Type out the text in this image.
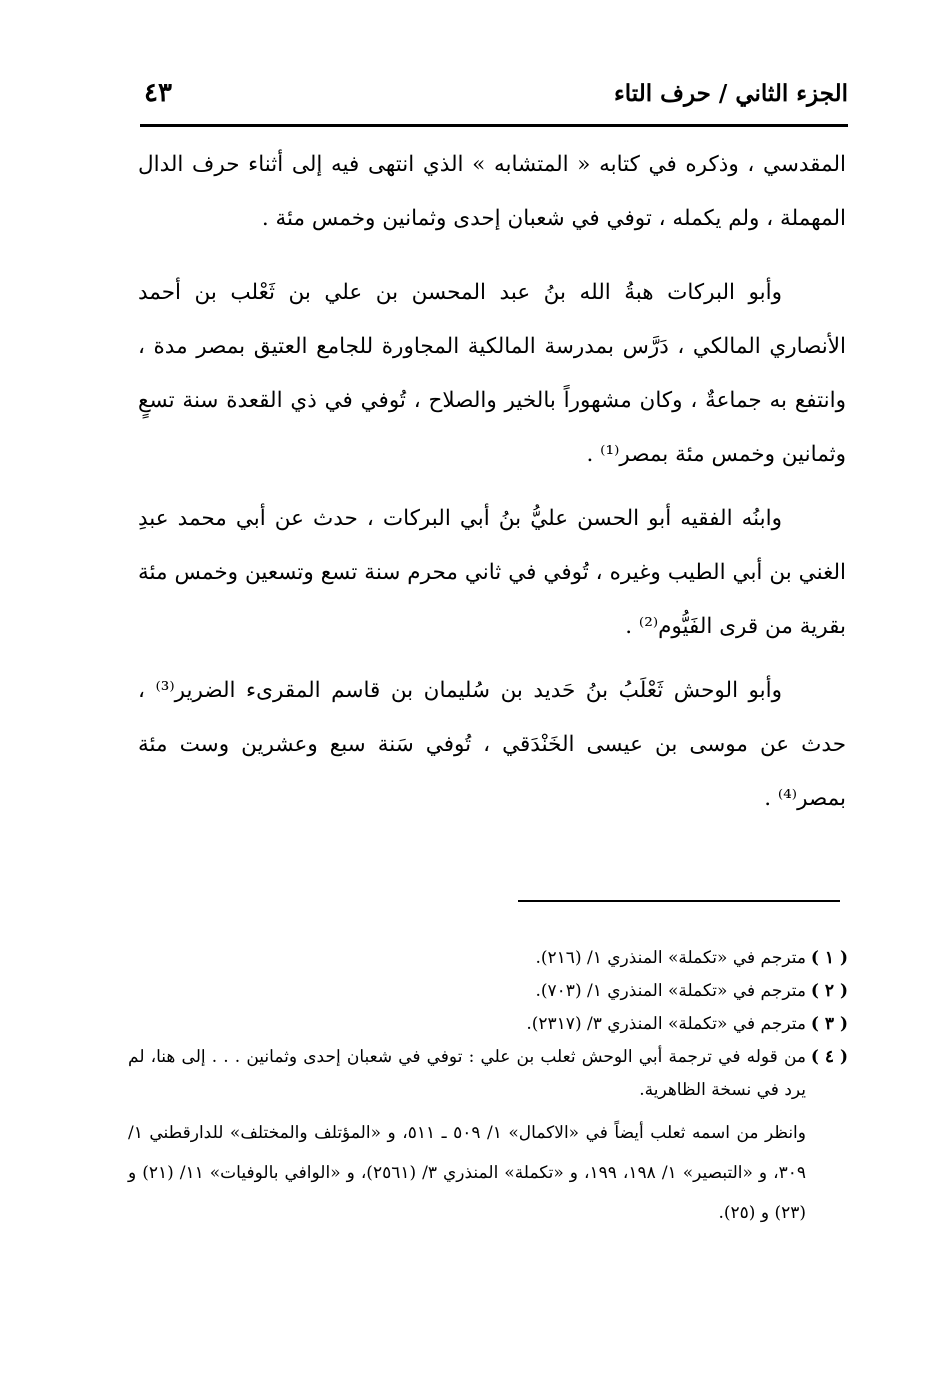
الجزء الثاني / حرف التاء
٤٣

المقدسي ، وذكره في كتابه « المتشابه » الذي انتهى فيه إلى أثناء حرف الدال المهملة ، ولم يكمله ، توفي في شعبان إحدى وثمانين وخمس مئة .

وأبو البركات هبةُ الله بنُ عبد المحسن بن علي بن ثَعْلب بن أحمد الأنصاري المالكي ، دَرَّس بمدرسة المالكية المجاورة للجامع العتيق بمصر مدة ، وانتفع به جماعةٌ ، وكان مشهوراً بالخير والصلاح ، تُوفي في ذي القعدة سنة تسعٍ وثمانين وخمس مئة بمصر⁽¹⁾ .

وابنُه الفقيه أبو الحسن عليُّ بنُ أبي البركات ، حدث عن أبي محمد عبدِ الغني بن أبي الطيب وغيره ، تُوفي في ثاني محرم سنة تسع وتسعين وخمس مئة بقرية من قرى الفَيُّوم⁽²⁾ .

وأبو الوحش ثَعْلَبُ بنُ حَديد بن سُليمان بن قاسم المقرىء الضرير⁽³⁾ ، حدث عن موسى بن عيسى الخَنْدَقي ، تُوفي سَنة سبع وعشرين وست مئة بمصر⁽⁴⁾ .

( ١ )
مترجم في «تكملة» المنذري ١/ (٢١٦).
( ٢ )
مترجم في «تكملة» المنذري ١/ (٧٠٣).
( ٣ )
مترجم في «تكملة» المنذري ٣/ (٢٣١٧).
( ٤ )
من قوله في ترجمة أبي الوحش ثعلب بن علي : توفي في شعبان إحدى وثمانين . . . إلى هنا، لم يرد في نسخة الظاهرية.

وانظر من اسمه ثعلب أيضاً في «الاكمال» ١/ ٥٠٩ ـ ٥١١، و «المؤتلف والمختلف» للدارقطني ١/ ٣٠٩، و «التبصير» ١/ ١٩٨، ١٩٩، و «تكملة» المنذري ٣/ (٢٥٦١)، و «الوافي بالوفيات» ١١/ (٢١) و (٢٣) و (٢٥).
